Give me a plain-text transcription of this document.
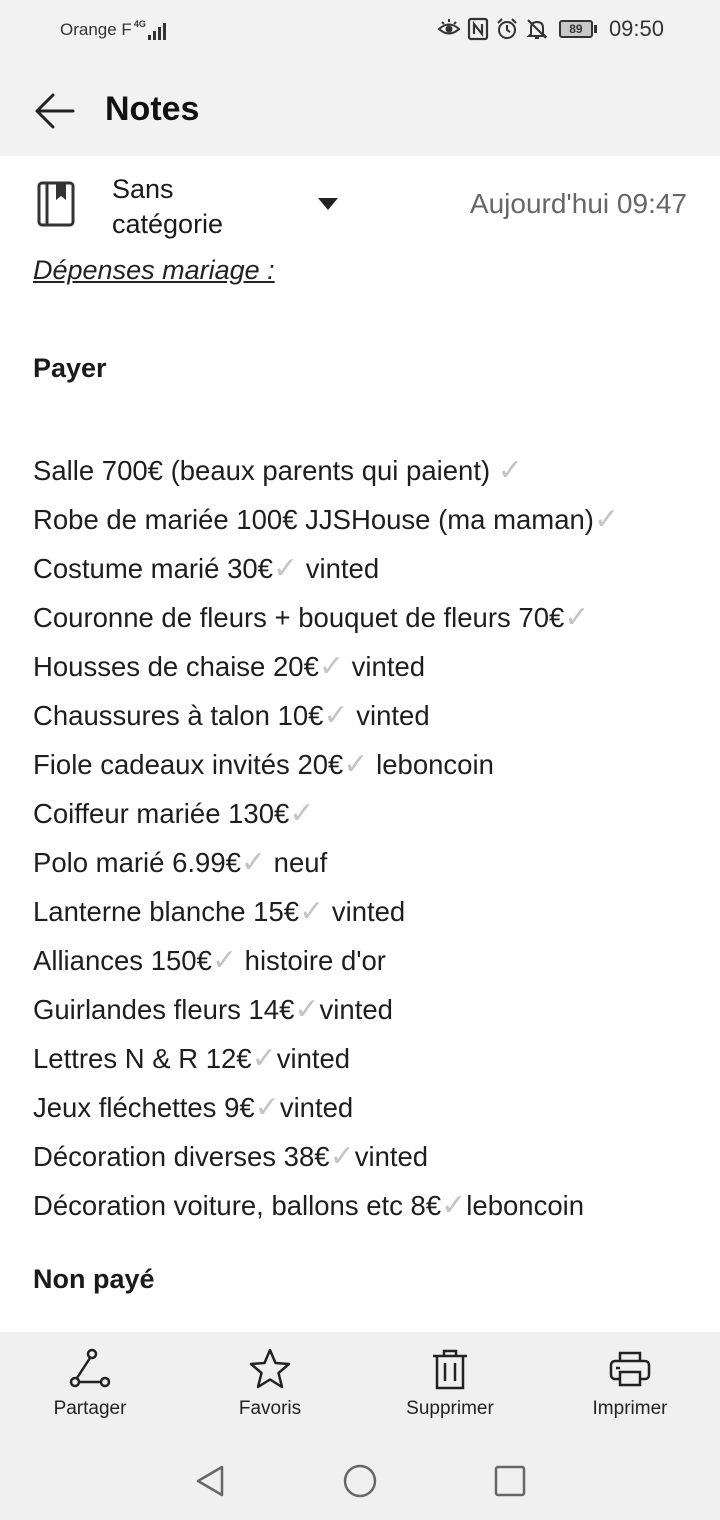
Orange F 4G	89 09:50
Notes
Sans catégorie
Aujourd'hui 09:47
Dépenses mariage :
Payer
Salle 700€ (beaux parents qui paient) ✓
Robe de mariée 100€ JJSHouse (ma maman)✓
Costume marié 30€✓ vinted
Couronne de fleurs + bouquet de fleurs 70€✓
Housses de chaise 20€✓ vinted
Chaussures à talon 10€✓ vinted
Fiole cadeaux invités 20€✓ leboncoin
Coiffeur mariée 130€✓
Polo marié 6.99€✓ neuf
Lanterne blanche 15€✓ vinted
Alliances 150€✓ histoire d'or
Guirlandes fleurs 14€✓vinted
Lettres N & R 12€✓vinted
Jeux fléchettes 9€✓vinted
Décoration diverses 38€✓vinted
Décoration voiture, ballons etc 8€✓leboncoin
Non payé
Partager	Favoris	Supprimer	Imprimer
